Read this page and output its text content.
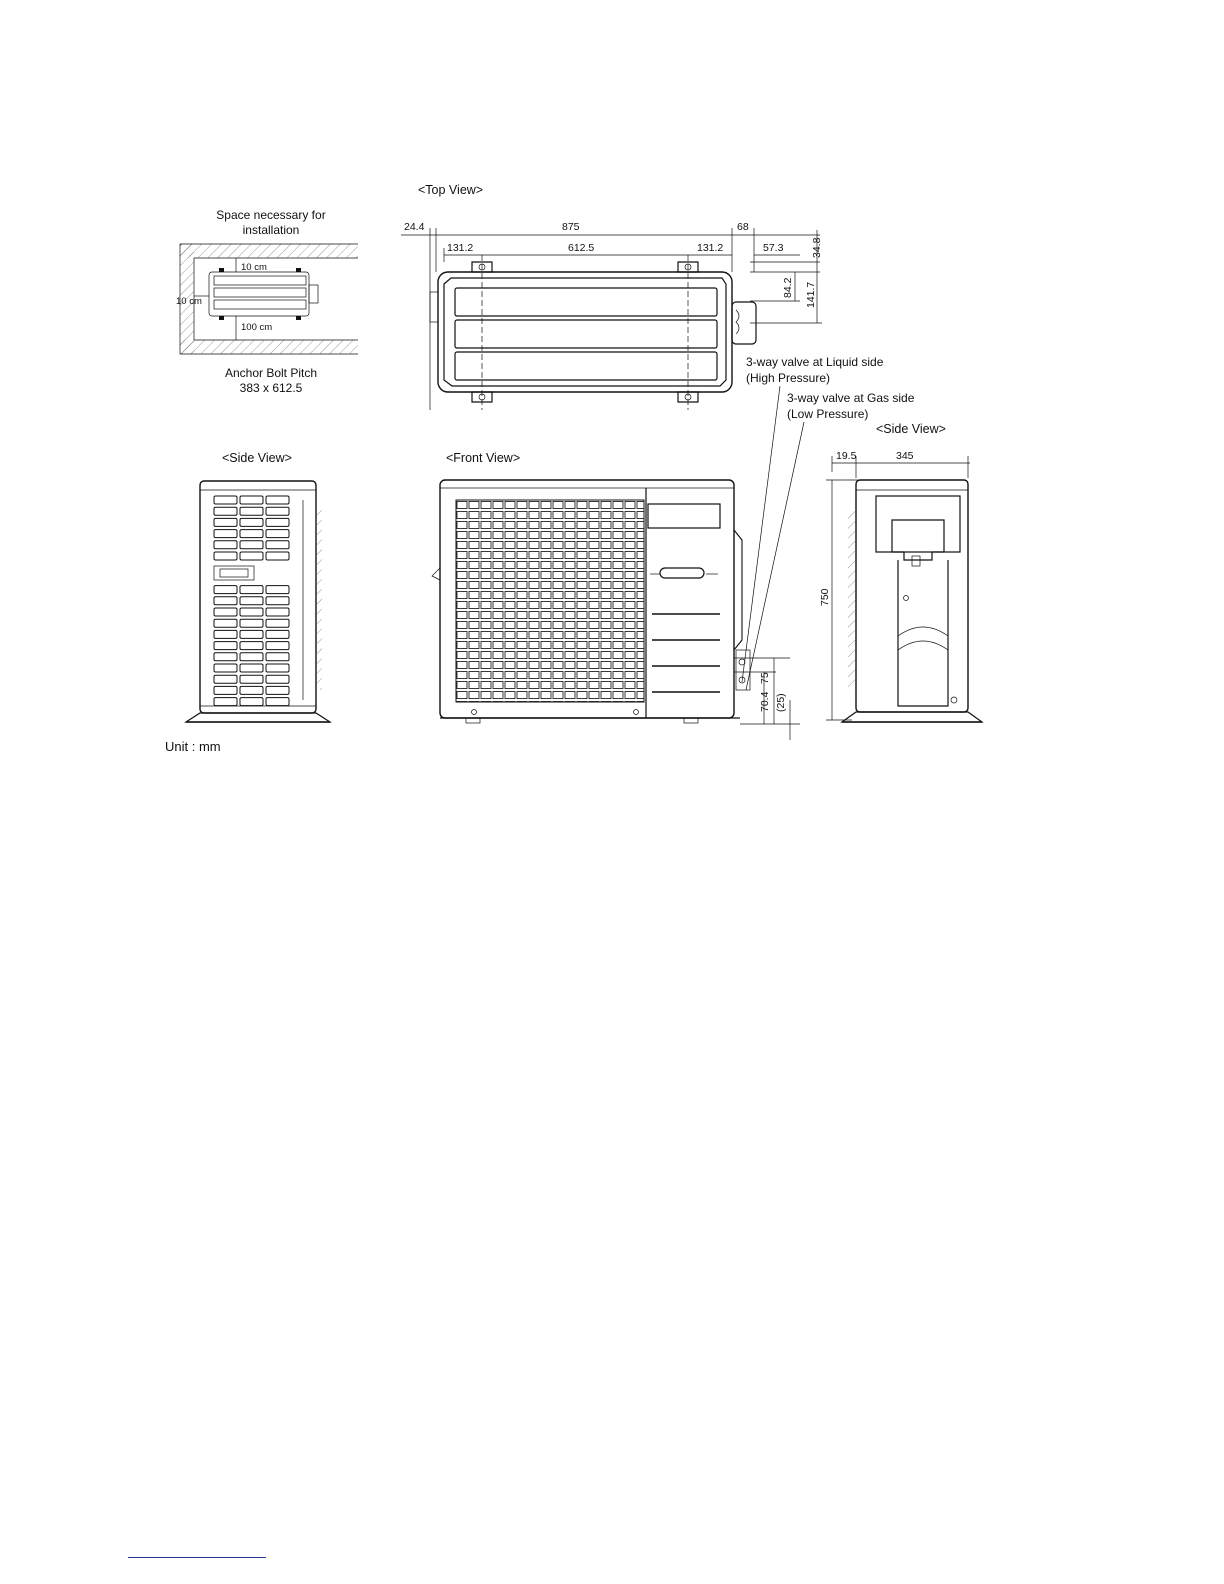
Space necessary for
installation
10 cm
10 cm
100 cm
Anchor Bolt Pitch
383 x 612.5
<Top View>
24.4	875	68
131.2	612.5	131.2	57.3	34.8
84.2 141.7
3-way valve at Liquid side
(High Pressure)
3-way valve at Gas side
(Low Pressure)
<Side View>	<Front View>
70.4
75
(25)
<Side View>
19.5	345
750
Unit : mm
